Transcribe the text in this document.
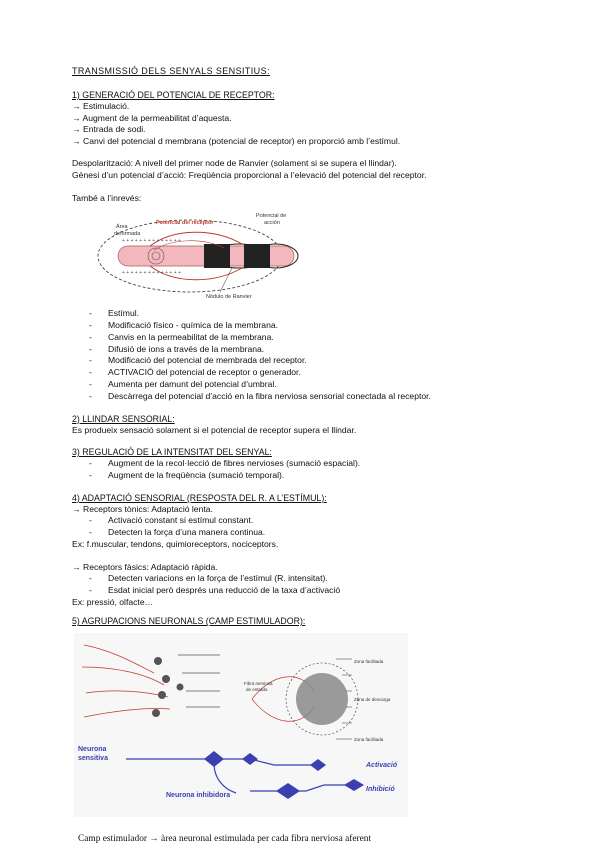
TRANSMISSIÓ DELS SENYALS SENSITIUS:

1) GENERACIÓ DEL POTENCIAL DE RECEPTOR:

→ Estimulació.

→ Augment de la permeabilitat d’aquesta.

→ Entrada de sodi.

→ Canvi del potencial d membrana (potencial de receptor) en proporció amb l’estímul.

Despolarització: A nivell del primer node de Ranvier (solament si se supera el llindar).

Gènesi d’un potencial d’acció: Freqüència proporcional a l’elevació del potencial del receptor.

També a l’inrevés:

+ + + + + + + + + + + + + +
+ + + + + + + + + + + + + +
Área
deformada
Potencial del receptor
Potencial de
acción
Nódulo de Ranvier

- Estímul.

- Modificació físico - química de la membrana.

- Canvis en la permeabilitat de la membrana.

- Difusió de ions a través de la membrana.

- Modificació del potencial de membrada del receptor.

- ACTIVACIÓ del potencial de receptor o generador.

- Aumenta per damunt del potencial d’umbral.

- Descàrrega del potencial d’acció en la fibra nerviosa sensorial conectada al receptor.

2) LLINDAR SENSORIAL:

Es produeix sensació solament si el potencial de receptor supera el llindar.

3) REGULACIÓ DE LA INTENSITAT DEL SENYAL:

- Augment de la recol·lecció de fibres nervioses (sumació espacial).

- Augment de la freqüència (sumació temporal).

4) ADAPTACIÓ SENSORIAL (RESPOSTA DEL R. A L’ESTÍMUL):

→ Receptors tònics: Adaptació lenta.

- Activació constant si estímul constant.

- Detecten la força d’una manera continua.

Ex: f.muscular, tendons, quimioreceptors, nociceptors.

→ Receptors fàsics: Adaptació ràpida.

- Detecten variacions en la força de l’estímul (R. intensitat).

- Esdat inicial però després una reducció de la taxa d’activació

Ex: pressió, olfacte…

5) AGRUPACIONS NEURONALS (CAMP ESTIMULADOR):

Fibra nerviosa
de entrada
Zona facilitada
Zona de descarga
Zona facilitada
Neurona
sensitiva
Activació
Inhibició
Neurona inhibidora

Camp estimulador → àrea neuronal estimulada per cada fibra nerviosa aferent
